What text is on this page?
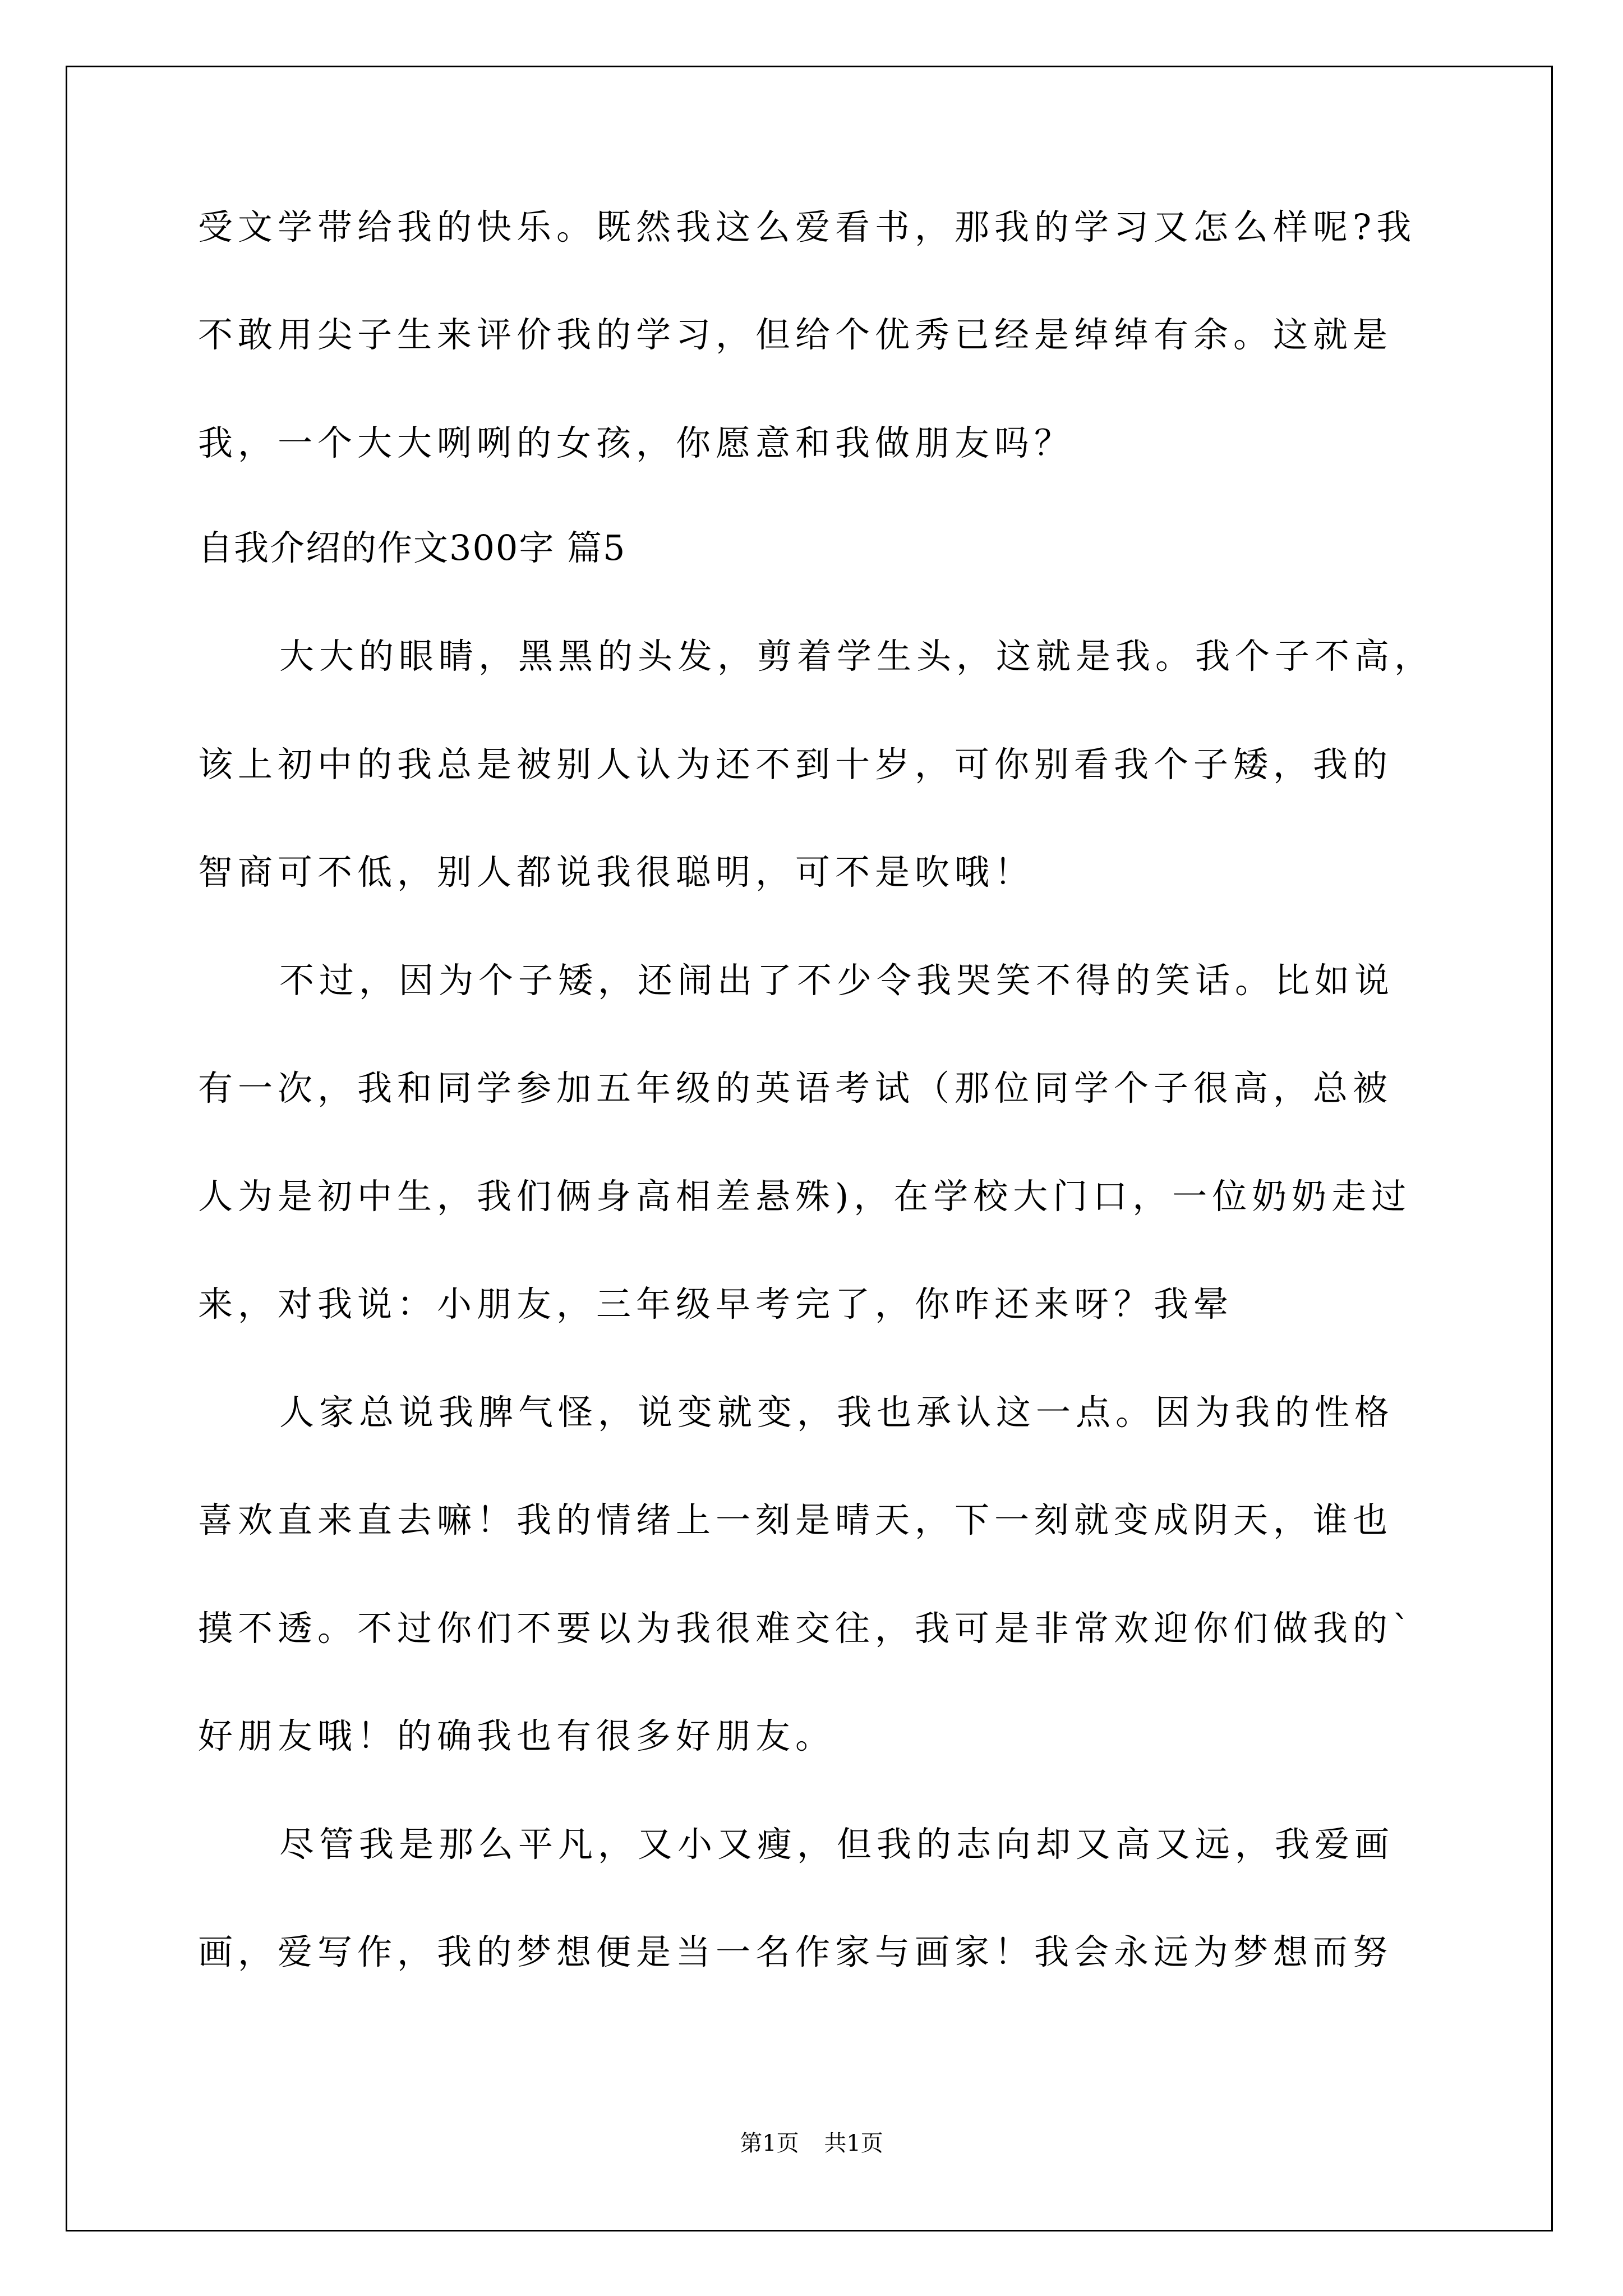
受文学带给我的快乐。既然我这么爱看书，那我的学习又怎么样呢?我
不敢用尖子生来评价我的学习，但给个优秀已经是绰绰有余。这就是
我，一个大大咧咧的女孩，你愿意和我做朋友吗？
自我介绍的作文300字 篇5
大大的眼睛，黑黑的头发，剪着学生头，这就是我。我个子不高，
该上初中的我总是被别人认为还不到十岁，可你别看我个子矮，我的
智商可不低，别人都说我很聪明，可不是吹哦！
不过，因为个子矮，还闹出了不少令我哭笑不得的笑话。比如说
有一次，我和同学参加五年级的英语考试（那位同学个子很高，总被
人为是初中生，我们俩身高相差悬殊)，在学校大门口，一位奶奶走过
来，对我说：小朋友，三年级早考完了，你咋还来呀？我晕
人家总说我脾气怪，说变就变，我也承认这一点。因为我的性格
喜欢直来直去嘛！我的情绪上一刻是晴天，下一刻就变成阴天，谁也
摸不透。不过你们不要以为我很难交往，我可是非常欢迎你们做我的`
好朋友哦！的确我也有很多好朋友。
尽管我是那么平凡，又小又瘦，但我的志向却又高又远，我爱画
画，爱写作，我的梦想便是当一名作家与画家！我会永远为梦想而努
第1页 共1页
